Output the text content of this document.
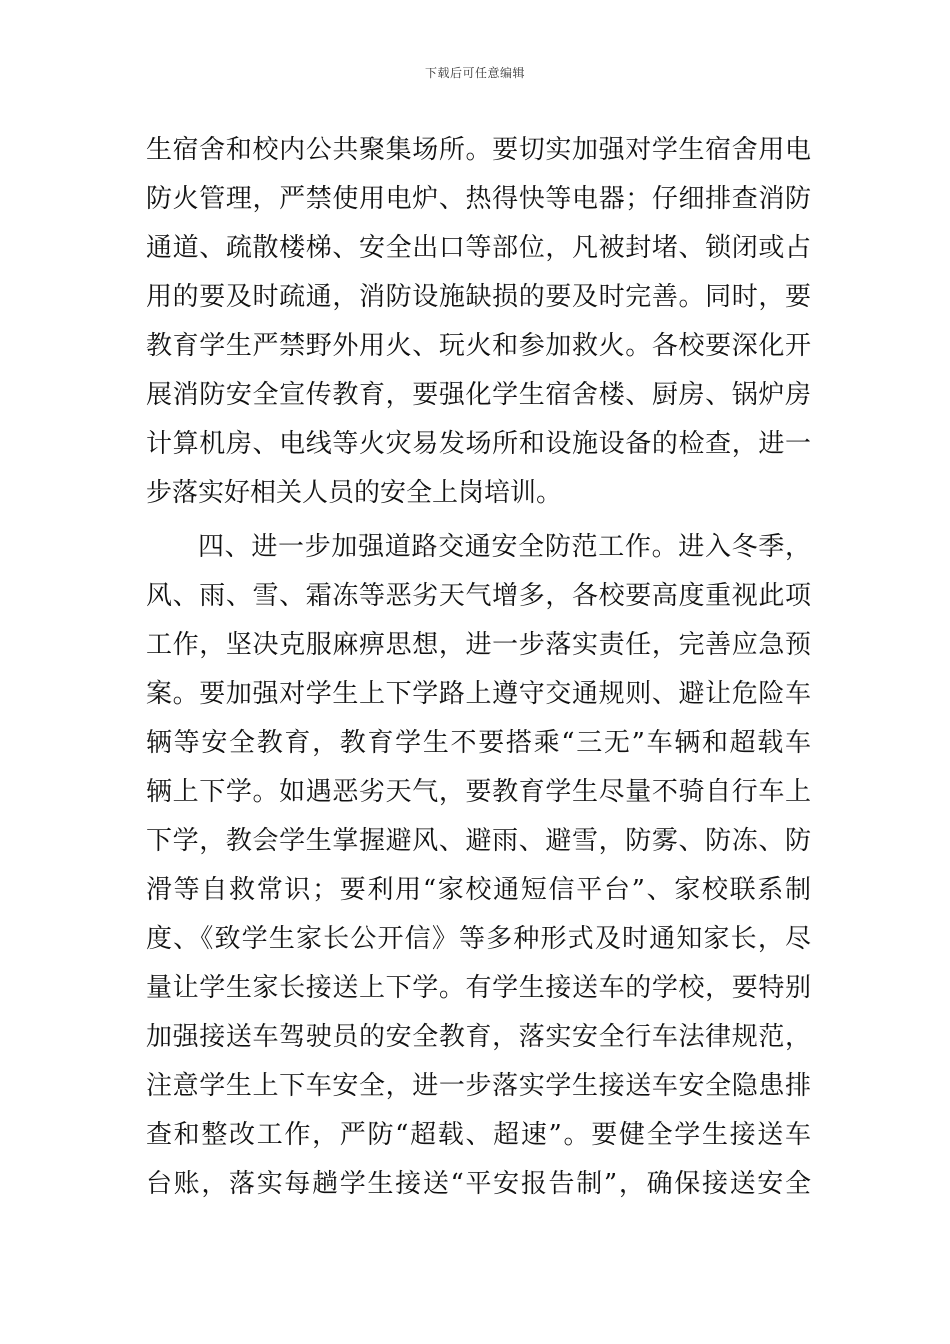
下载后可任意编辑
生宿舍和校内公共聚集场所。要切实加强对学生宿舍用电
防火管理，严禁使用电炉、热得快等电器；仔细排查消防
通道、疏散楼梯、安全出口等部位，凡被封堵、锁闭或占
用的要及时疏通，消防设施缺损的要及时完善。同时，要
教育学生严禁野外用火、玩火和参加救火。各校要深化开
展消防安全宣传教育，要强化学生宿舍楼、厨房、锅炉房
计算机房、电线等火灾易发场所和设施设备的检查，进一
步落实好相关人员的安全上岗培训。
四、进一步加强道路交通安全防范工作。进入冬季，
风、雨、雪、霜冻等恶劣天气增多，各校要高度重视此项
工作，坚决克服麻痹思想，进一步落实责任，完善应急预
案。要加强对学生上下学路上遵守交通规则、避让危险车
辆等安全教育，教育学生不要搭乘“三无”车辆和超载车
辆上下学。如遇恶劣天气，要教育学生尽量不骑自行车上
下学，教会学生掌握避风、避雨、避雪，防雾、防冻、防
滑等自救常识；要利用“家校通短信平台”、家校联系制
度、《致学生家长公开信》等多种形式及时通知家长，尽
量让学生家长接送上下学。有学生接送车的学校，要特别
加强接送车驾驶员的安全教育，落实安全行车法律规范，
注意学生上下车安全，进一步落实学生接送车安全隐患排
查和整改工作，严防“超载、超速”。要健全学生接送车
台账，落实每趟学生接送“平安报告制”，确保接送安全
